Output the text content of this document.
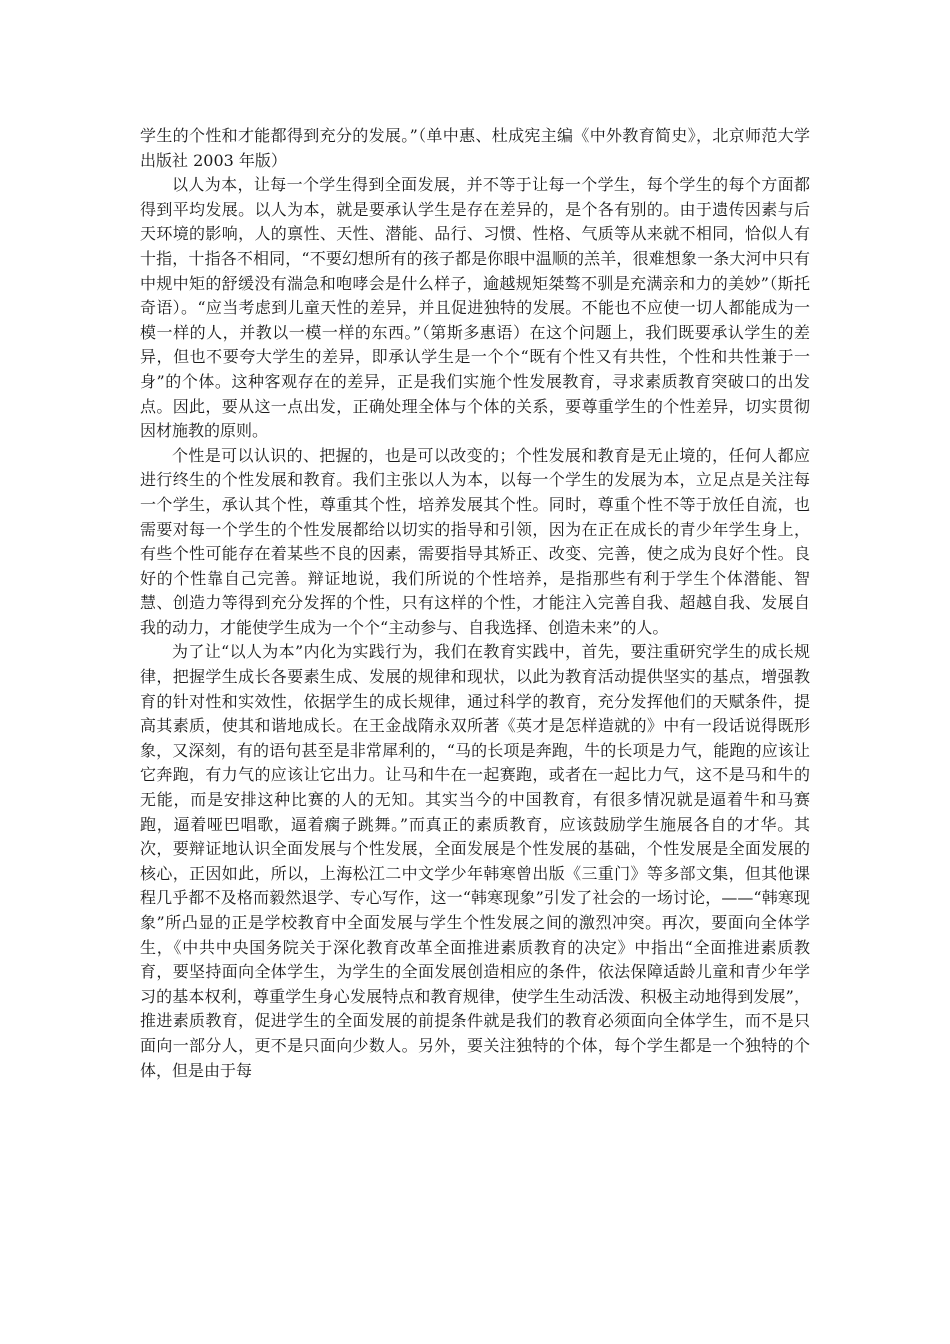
学生的个性和才能都得到充分的发展。”（单中惠、杜成宪主编《中外教育简史》，北京师范大学出版社 2003 年版）

以人为本，让每一个学生得到全面发展，并不等于让每一个学生，每个学生的每个方面都得到平均发展。以人为本，就是要承认学生是存在差异的，是个各有别的。由于遗传因素与后天环境的影响，人的禀性、天性、潜能、品行、习惯、性格、气质等从来就不相同，恰似人有十指，十指各不相同，“不要幻想所有的孩子都是你眼中温顺的羔羊，很难想象一条大河中只有中规中矩的舒缓没有湍急和咆哮会是什么样子，逾越规矩桀骜不驯是充满亲和力的美妙”（斯托奇语）。“应当考虑到儿童天性的差异，并且促进独特的发展。不能也不应使一切人都能成为一模一样的人，并教以一模一样的东西。”（第斯多惠语）在这个问题上，我们既要承认学生的差异，但也不要夸大学生的差异，即承认学生是一个个“既有个性又有共性，个性和共性兼于一身”的个体。这种客观存在的差异，正是我们实施个性发展教育，寻求素质教育突破口的出发点。因此，要从这一点出发，正确处理全体与个体的关系，要尊重学生的个性差异，切实贯彻因材施教的原则。

个性是可以认识的、把握的，也是可以改变的；个性发展和教育是无止境的，任何人都应进行终生的个性发展和教育。我们主张以人为本，以每一个学生的发展为本，立足点是关注每一个学生，承认其个性，尊重其个性，培养发展其个性。同时，尊重个性不等于放任自流，也需要对每一个学生的个性发展都给以切实的指导和引领，因为在正在成长的青少年学生身上，有些个性可能存在着某些不良的因素，需要指导其矫正、改变、完善，使之成为良好个性。良好的个性靠自己完善。辩证地说，我们所说的个性培养，是指那些有利于学生个体潜能、智慧、创造力等得到充分发挥的个性，只有这样的个性，才能注入完善自我、超越自我、发展自我的动力，才能使学生成为一个个“主动参与、自我选择、创造未来”的人。

为了让“以人为本”内化为实践行为，我们在教育实践中，首先，要注重研究学生的成长规律，把握学生成长各要素生成、发展的规律和现状，以此为教育活动提供坚实的基点，增强教育的针对性和实效性，依据学生的成长规律，通过科学的教育，充分发挥他们的天赋条件，提高其素质，使其和谐地成长。在王金战隋永双所著《英才是怎样造就的》中有一段话说得既形象，又深刻，有的语句甚至是非常犀利的，“马的长项是奔跑，牛的长项是力气，能跑的应该让它奔跑，有力气的应该让它出力。让马和牛在一起赛跑，或者在一起比力气，这不是马和牛的无能，而是安排这种比赛的人的无知。其实当今的中国教育，有很多情况就是逼着牛和马赛跑，逼着哑巴唱歌，逼着瘸子跳舞。”而真正的素质教育，应该鼓励学生施展各自的才华。其次，要辩证地认识全面发展与个性发展，全面发展是个性发展的基础，个性发展是全面发展的核心，正因如此，所以，上海松江二中文学少年韩寒曾出版《三重门》等多部文集，但其他课程几乎都不及格而毅然退学、专心写作，这一“韩寒现象”引发了社会的一场讨论，——“韩寒现象”所凸显的正是学校教育中全面发展与学生个性发展之间的激烈冲突。再次，要面向全体学生，《中共中央国务院关于深化教育改革全面推进素质教育的决定》中指出“全面推进素质教育，要坚持面向全体学生，为学生的全面发展创造相应的条件，依法保障适龄儿童和青少年学习的基本权利，尊重学生身心发展特点和教育规律，使学生生动活泼、积极主动地得到发展”，推进素质教育，促进学生的全面发展的前提条件就是我们的教育必须面向全体学生，而不是只面向一部分人，更不是只面向少数人。另外，要关注独特的个体，每个学生都是一个独特的个体，但是由于每
